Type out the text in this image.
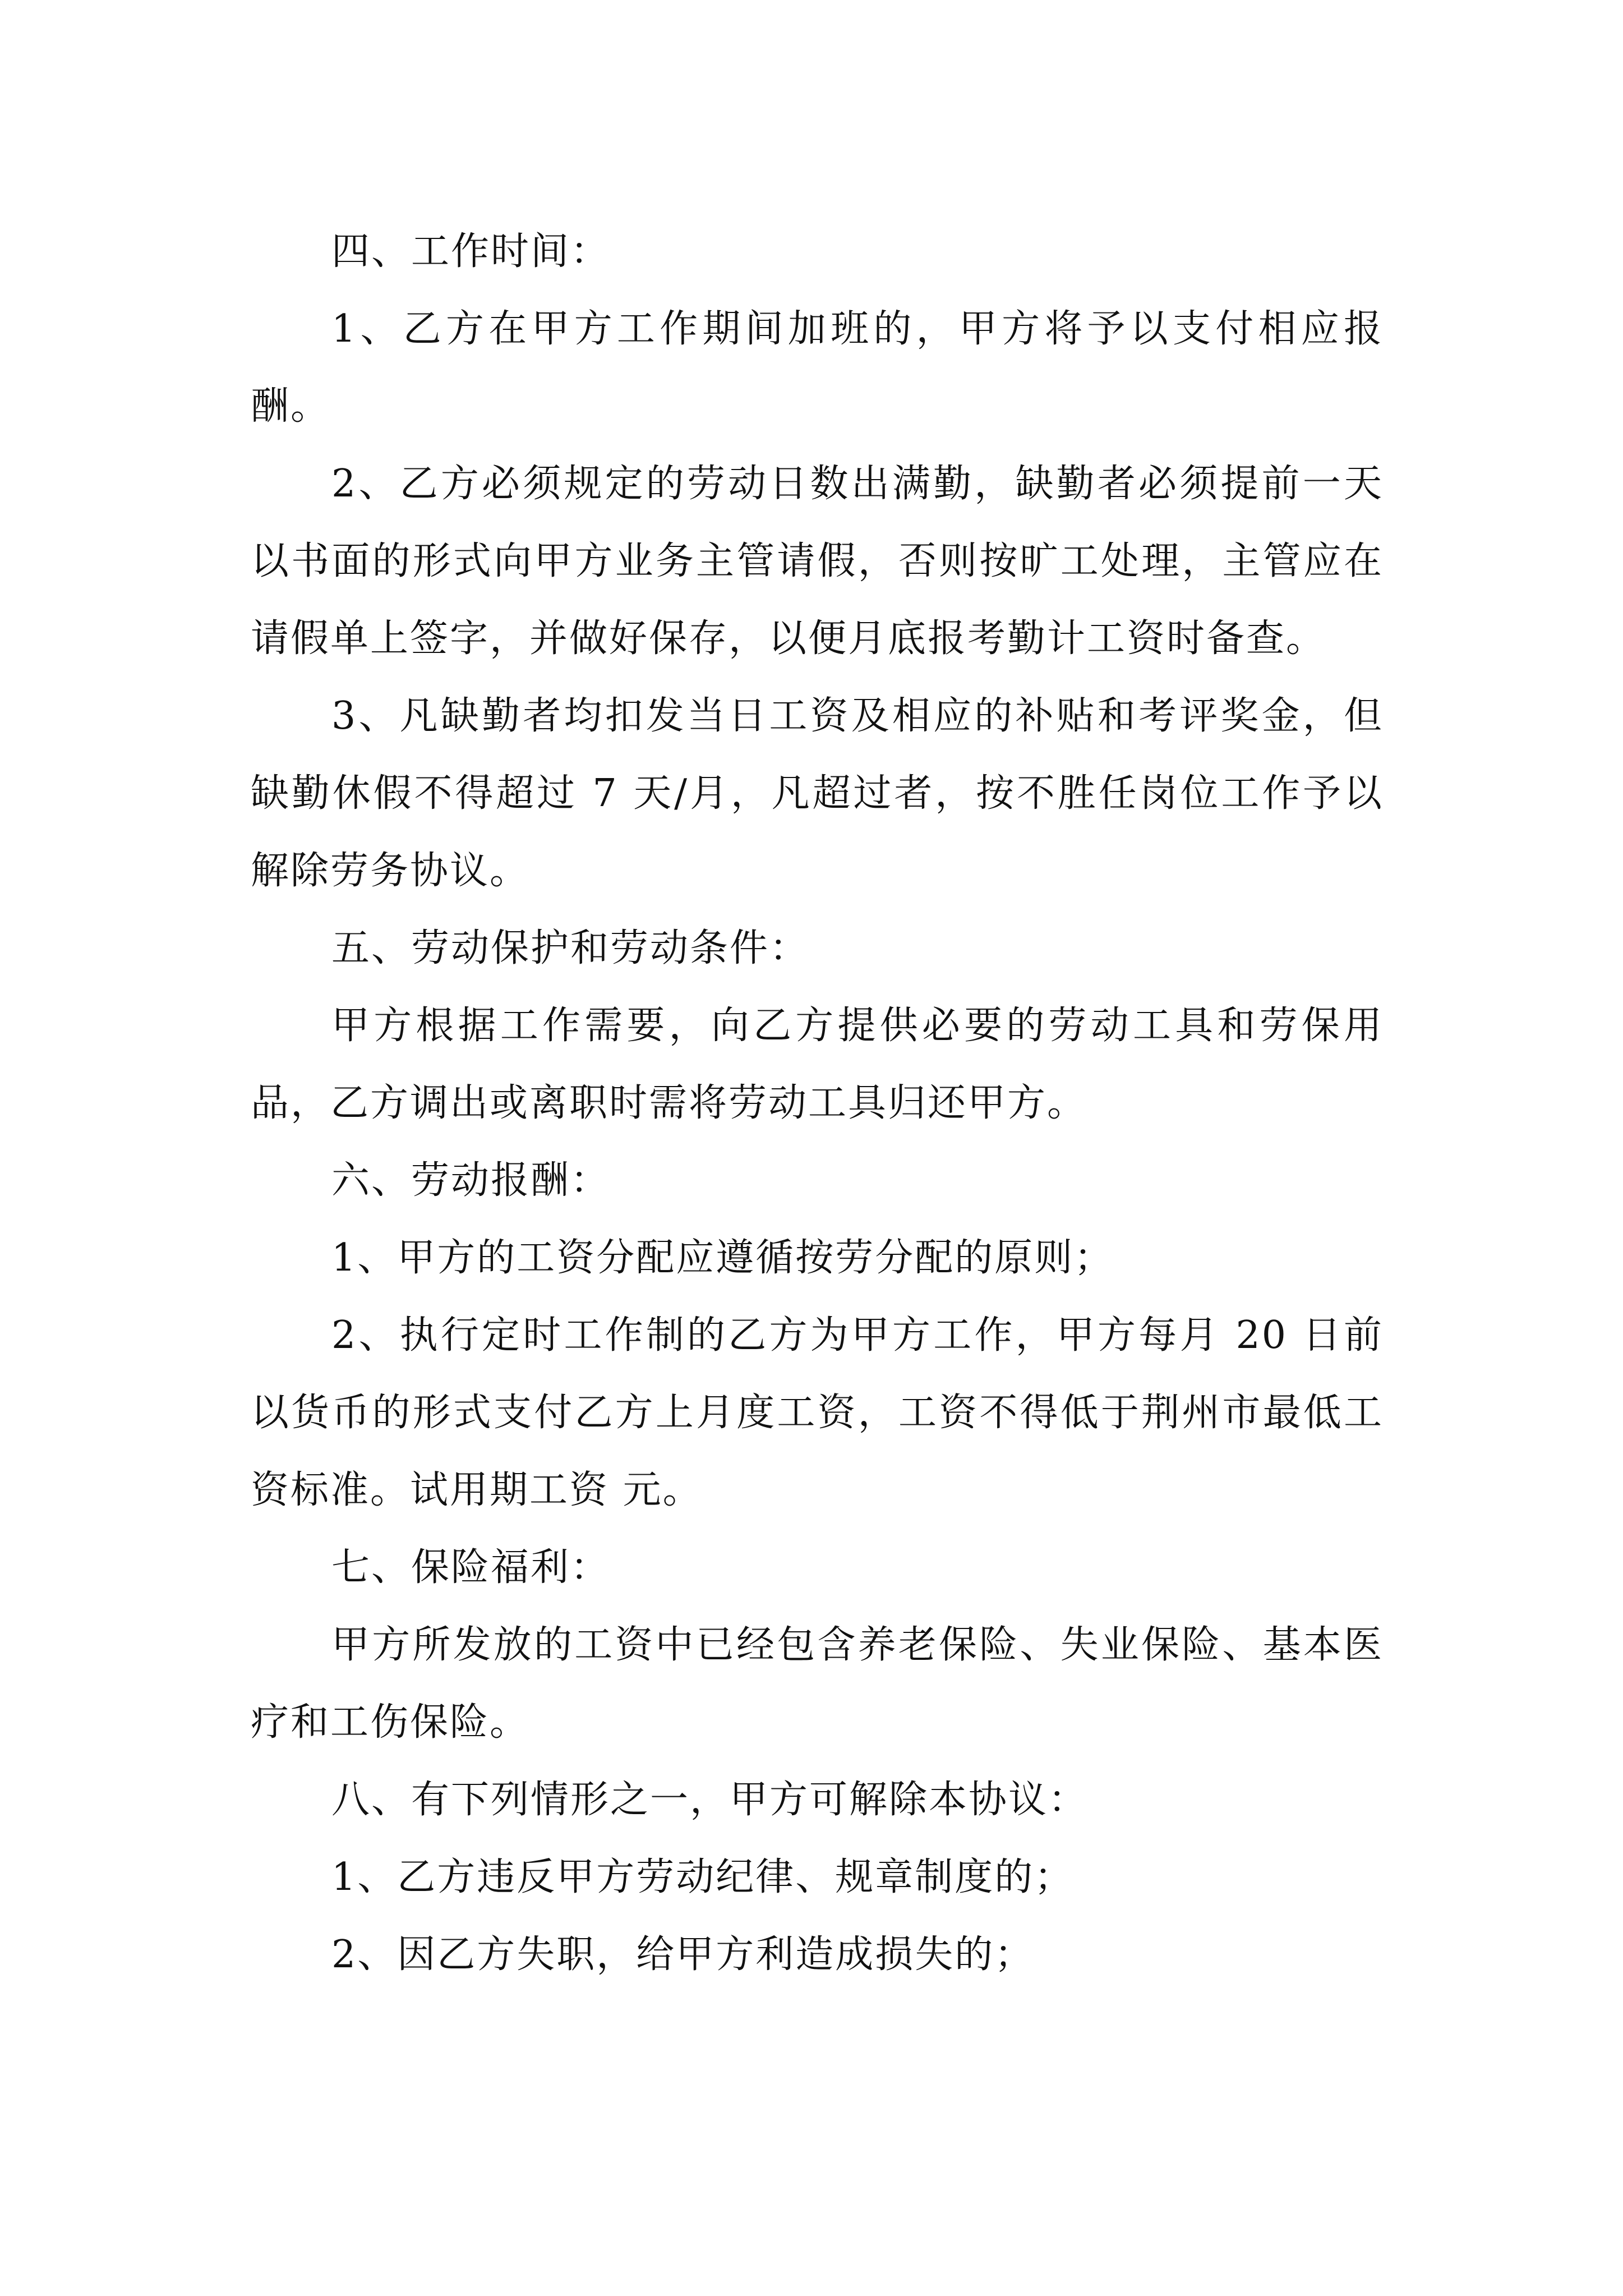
四、工作时间：

1、乙方在甲方工作期间加班的，甲方将予以支付相应报酬。

2、乙方必须规定的劳动日数出满勤，缺勤者必须提前一天以书面的形式向甲方业务主管请假，否则按旷工处理，主管应在请假单上签字，并做好保存，以便月底报考勤计工资时备查。

3、凡缺勤者均扣发当日工资及相应的补贴和考评奖金，但缺勤休假不得超过 7 天/月，凡超过者，按不胜任岗位工作予以解除劳务协议。

五、劳动保护和劳动条件：

甲方根据工作需要，向乙方提供必要的劳动工具和劳保用品，乙方调出或离职时需将劳动工具归还甲方。

六、劳动报酬：

1、甲方的工资分配应遵循按劳分配的原则；

2、执行定时工作制的乙方为甲方工作，甲方每月 20 日前以货币的形式支付乙方上月度工资，工资不得低于荆州市最低工资标准。试用期工资 元。

七、保险福利：

甲方所发放的工资中已经包含养老保险、失业保险、基本医疗和工伤保险。

八、有下列情形之一，甲方可解除本协议：

1、乙方违反甲方劳动纪律、规章制度的；

2、因乙方失职，给甲方利造成损失的；
